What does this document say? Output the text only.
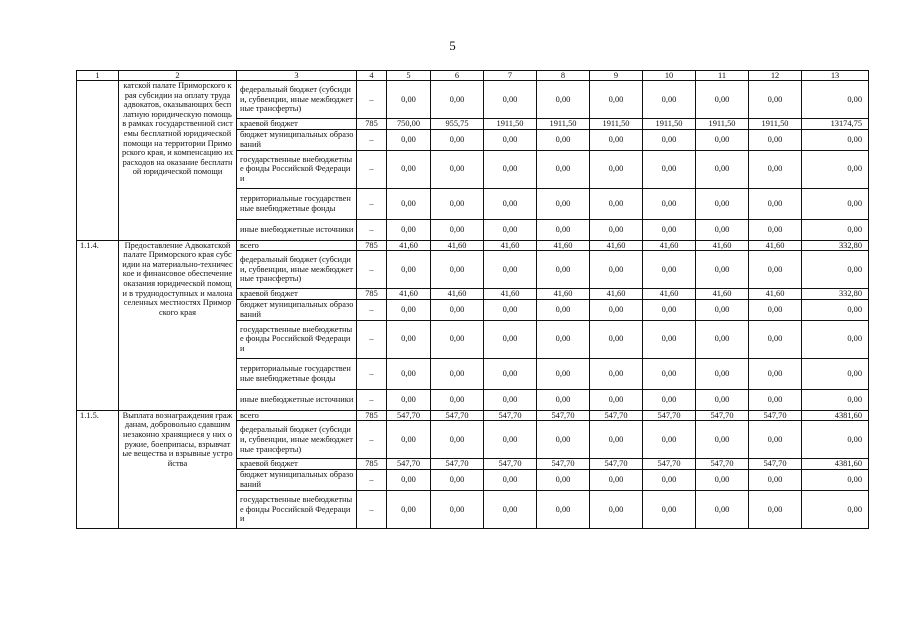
5
1	2	3	4	5	6	7	8	9	10	11	12	13
	катской палате Приморского края субсидии на оплату труда адвокатов, оказывающих бесплатную юридическую помощь в рамках государственной системы бесплатной юридической помощи на территории Приморского края, и компенсацию их расходов на оказание бесплатной юридической помощи	федеральный бюджет (субсидии, субвенции, иные межбюджетные трансферты)	–	0,00	0,00	0,00	0,00	0,00	0,00	0,00	0,00	0,00
		краевой бюджет	785	750,00	955,75	1911,50	1911,50	1911,50	1911,50	1911,50	1911,50	13174,75
		бюджет муниципальных образований	–	0,00	0,00	0,00	0,00	0,00	0,00	0,00	0,00	0,00
		государственные внебюджетные фонды Российской Федерации	–	0,00	0,00	0,00	0,00	0,00	0,00	0,00	0,00	0,00
		территориальные государственные внебюджетные фонды	–	0,00	0,00	0,00	0,00	0,00	0,00	0,00	0,00	0,00
		иные внебюджетные источники	–	0,00	0,00	0,00	0,00	0,00	0,00	0,00	0,00	0,00
1.1.4.	Предоставление Адвокатской палате Приморского края субсидии на материально-техническое и финансовое обеспечение оказания юридической помощи в труднодоступных и малонаселенных местностях Приморского края	всего	785	41,60	41,60	41,60	41,60	41,60	41,60	41,60	41,60	332,80
		федеральный бюджет (субсидии, субвенции, иные межбюджетные трансферты)	–	0,00	0,00	0,00	0,00	0,00	0,00	0,00	0,00	0,00
		краевой бюджет	785	41,60	41,60	41,60	41,60	41,60	41,60	41,60	41,60	332,80
		бюджет муниципальных образований	–	0,00	0,00	0,00	0,00	0,00	0,00	0,00	0,00	0,00
		государственные внебюджетные фонды Российской Федерации	–	0,00	0,00	0,00	0,00	0,00	0,00	0,00	0,00	0,00
		территориальные государственные внебюджетные фонды	–	0,00	0,00	0,00	0,00	0,00	0,00	0,00	0,00	0,00
		иные внебюджетные источники	–	0,00	0,00	0,00	0,00	0,00	0,00	0,00	0,00	0,00
1.1.5.	Выплата вознаграждения гражданам, добровольно сдавшим незаконно хранящиеся у них оружие, боеприпасы, взрывчатые вещества и взрывные устройства	всего	785	547,70	547,70	547,70	547,70	547,70	547,70	547,70	547,70	4381,60
		федеральный бюджет (субсидии, субвенции, иные межбюджетные трансферты)	–	0,00	0,00	0,00	0,00	0,00	0,00	0,00	0,00	0,00
		краевой бюджет	785	547,70	547,70	547,70	547,70	547,70	547,70	547,70	547,70	4381,60
		бюджет муниципальных образований	–	0,00	0,00	0,00	0,00	0,00	0,00	0,00	0,00	0,00
		государственные внебюджетные фонды Российской Федерации	–	0,00	0,00	0,00	0,00	0,00	0,00	0,00	0,00	0,00
